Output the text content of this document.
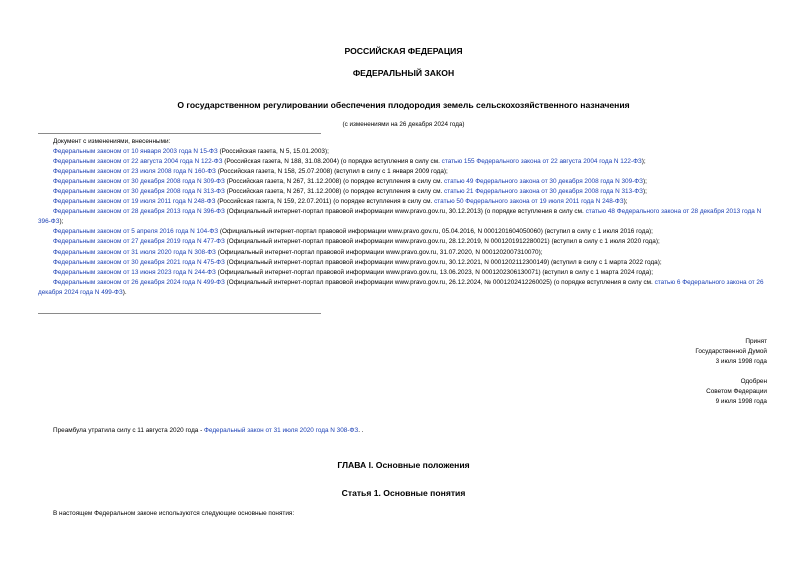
РОССИЙСКАЯ ФЕДЕРАЦИЯ
ФЕДЕРАЛЬНЫЙ ЗАКОН
О государственном регулировании обеспечения плодородия земель сельскохозяйственного назначения
(с изменениями на 26 декабря 2024 года)
Документ с изменениями, внесенными:
Федеральным законом от 10 января 2003 года N 15-ФЗ (Российская газета, N 5, 15.01.2003);
Федеральным законом от 22 августа 2004 года N 122-ФЗ (Российская газета, N 188, 31.08.2004) (о порядке вступления в силу см. статью 155 Федерального закона от 22 августа 2004 года N 122-ФЗ);
Федеральным законом от 23 июля 2008 года N 160-ФЗ (Российская газета, N 158, 25.07.2008) (вступил в силу с 1 января 2009 года);
Федеральным законом от 30 декабря 2008 года N 309-ФЗ (Российская газета, N 267, 31.12.2008) (о порядке вступления в силу см. статью 49 Федерального закона от 30 декабря 2008 года N 309-ФЗ);
Федеральным законом от 30 декабря 2008 года N 313-ФЗ (Российская газета, N 267, 31.12.2008) (о порядке вступления в силу см. статью 21 Федерального закона от 30 декабря 2008 года N 313-ФЗ);
Федеральным законом от 19 июля 2011 года N 248-ФЗ (Российская газета, N 159, 22.07.2011) (о порядке вступления в силу см. статью 50 Федерального закона от 19 июля 2011 года N 248-ФЗ);
Федеральным законом от 28 декабря 2013 года N 396-ФЗ (Официальный интернет-портал правовой информации www.pravo.gov.ru, 30.12.2013) (о порядке вступления в силу см. статью 48 Федерального закона от 28 декабря 2013 года N 396-ФЗ);
Федеральным законом от 5 апреля 2016 года N 104-ФЗ (Официальный интернет-портал правовой информации www.pravo.gov.ru, 05.04.2016, N 0001201604050060) (вступил в силу с 1 июля 2016 года);
Федеральным законом от 27 декабря 2019 года N 477-ФЗ (Официальный интернет-портал правовой информации www.pravo.gov.ru, 28.12.2019, N 0001201912280021) (вступил в силу с 1 июля 2020 года);
Федеральным законом от 31 июля 2020 года N 308-ФЗ (Официальный интернет-портал правовой информации www.pravo.gov.ru, 31.07.2020, N 0001202007310070);
Федеральным законом от 30 декабря 2021 года N 475-ФЗ (Официальный интернет-портал правовой информации www.pravo.gov.ru, 30.12.2021, N 0001202112300149) (вступил в силу с 1 марта 2022 года);
Федеральным законом от 13 июня 2023 года N 244-ФЗ (Официальный интернет-портал правовой информации www.pravo.gov.ru, 13.06.2023, N 0001202306130071) (вступил в силу с 1 марта 2024 года);
Федеральным законом от 26 декабря 2024 года N 499-ФЗ (Официальный интернет-портал правовой информации www.pravo.gov.ru, 26.12.2024, № 0001202412260025) (о порядке вступления в силу см. статью 6 Федерального закона от 26 декабря 2024 года N 499-ФЗ).
Принят
Государственной Думой
3 июля 1998 года
Одобрен
Советом Федерации
9 июля 1998 года
Преамбула утратила силу с 11 августа 2020 года - Федеральный закон от 31 июля 2020 года N 308-ФЗ. .
ГЛАВА I. Основные положения
Статья 1. Основные понятия
В настоящем Федеральном законе используются следующие основные понятия:
